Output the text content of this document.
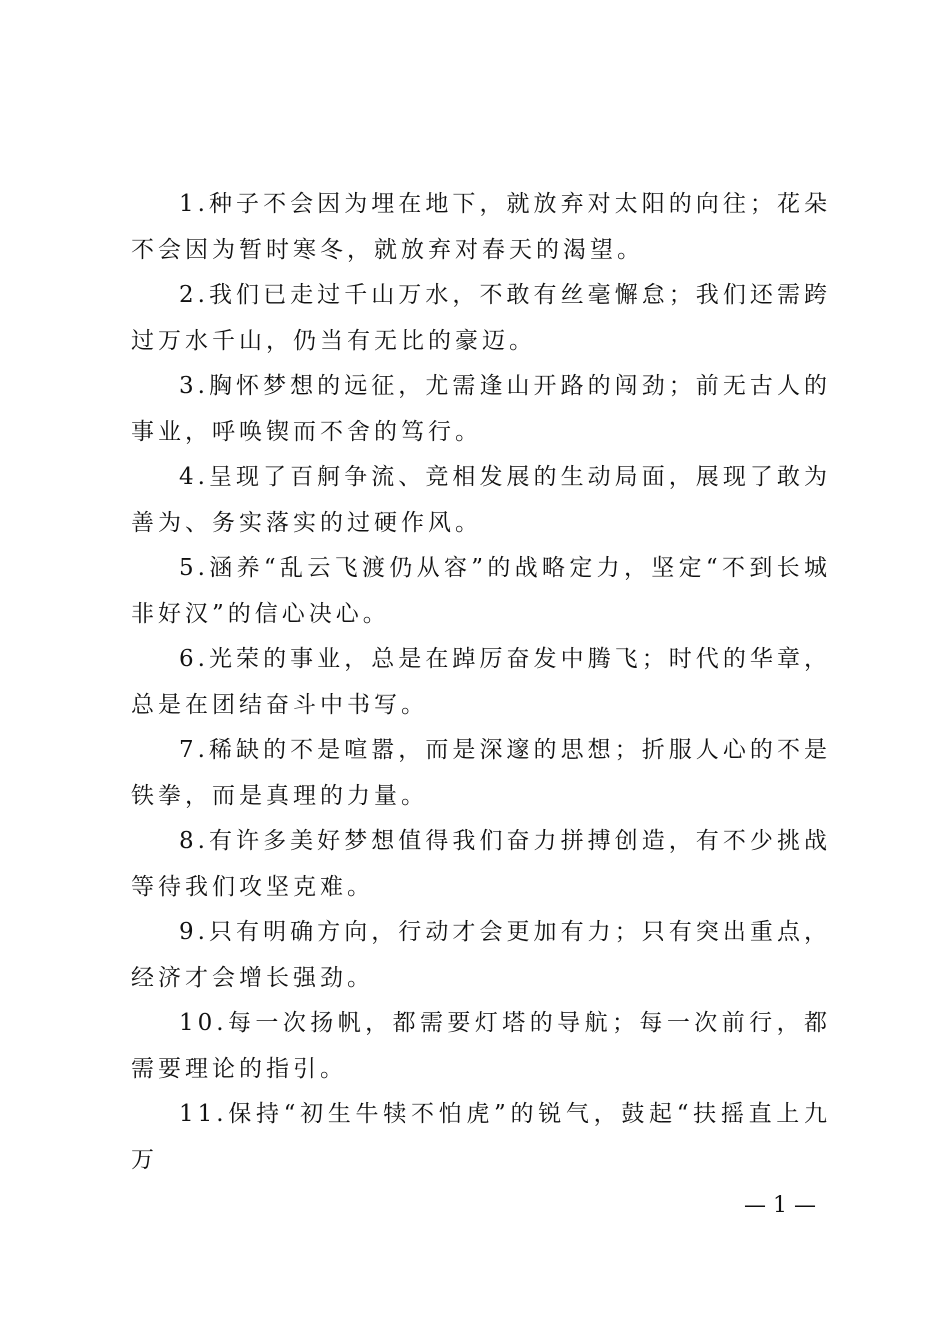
1.种子不会因为埋在地下，就放弃对太阳的向往；花朵不会因为暂时寒冬，就放弃对春天的渴望。

2.我们已走过千山万水，不敢有丝毫懈怠；我们还需跨过万水千山，仍当有无比的豪迈。

3.胸怀梦想的远征，尤需逢山开路的闯劲；前无古人的事业，呼唤锲而不舍的笃行。

4.呈现了百舸争流、竞相发展的生动局面，展现了敢为善为、务实落实的过硬作风。

5.涵养“乱云飞渡仍从容”的战略定力，坚定“不到长城非好汉”的信心决心。

6.光荣的事业，总是在踔厉奋发中腾飞；时代的华章，总是在团结奋斗中书写。

7.稀缺的不是喧嚣，而是深邃的思想；折服人心的不是铁拳，而是真理的力量。

8.有许多美好梦想值得我们奋力拼搏创造，有不少挑战等待我们攻坚克难。

9.只有明确方向，行动才会更加有力；只有突出重点，经济才会增长强劲。

10.每一次扬帆，都需要灯塔的导航；每一次前行，都需要理论的指引。

11.保持“初生牛犊不怕虎”的锐气，鼓起“扶摇直上九万

— 1 —
